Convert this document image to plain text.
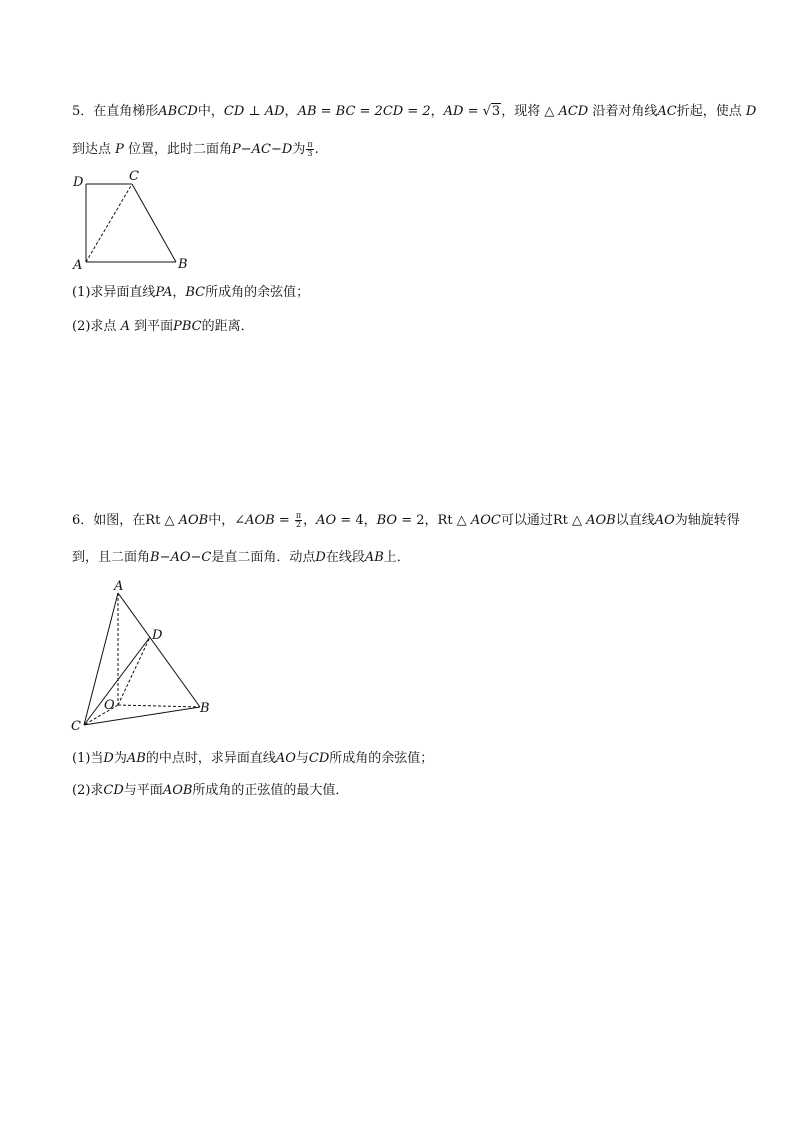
5．在直角梯形ABCD中，CD ⊥ AD，AB = BC = 2CD = 2，AD = √3，现将 △ ACD 沿着对角线AC折起，使点 D
到达点 P 位置，此时二面角P−AC−D为 $\frac{\pi}{3}$ .
D	C
A	B
(1)求异面直线PA，BC所成角的余弦值；
(2)求点 A 到平面PBC的距离．
6．如图，在Rt △ AOB中，∠AOB = $\frac{\pi}{2}$ ，AO = 4，BO = 2，Rt △ AOC可以通过Rt △ AOB以直线AO为轴旋转得
到，且二面角B−AO−C是直二面角．动点D在线段AB上．
A
D
O	B
C
(1)当D为AB的中点时，求异面直线AO与CD所成角的余弦值；
(2)求CD与平面AOB所成角的正弦值的最大值．
